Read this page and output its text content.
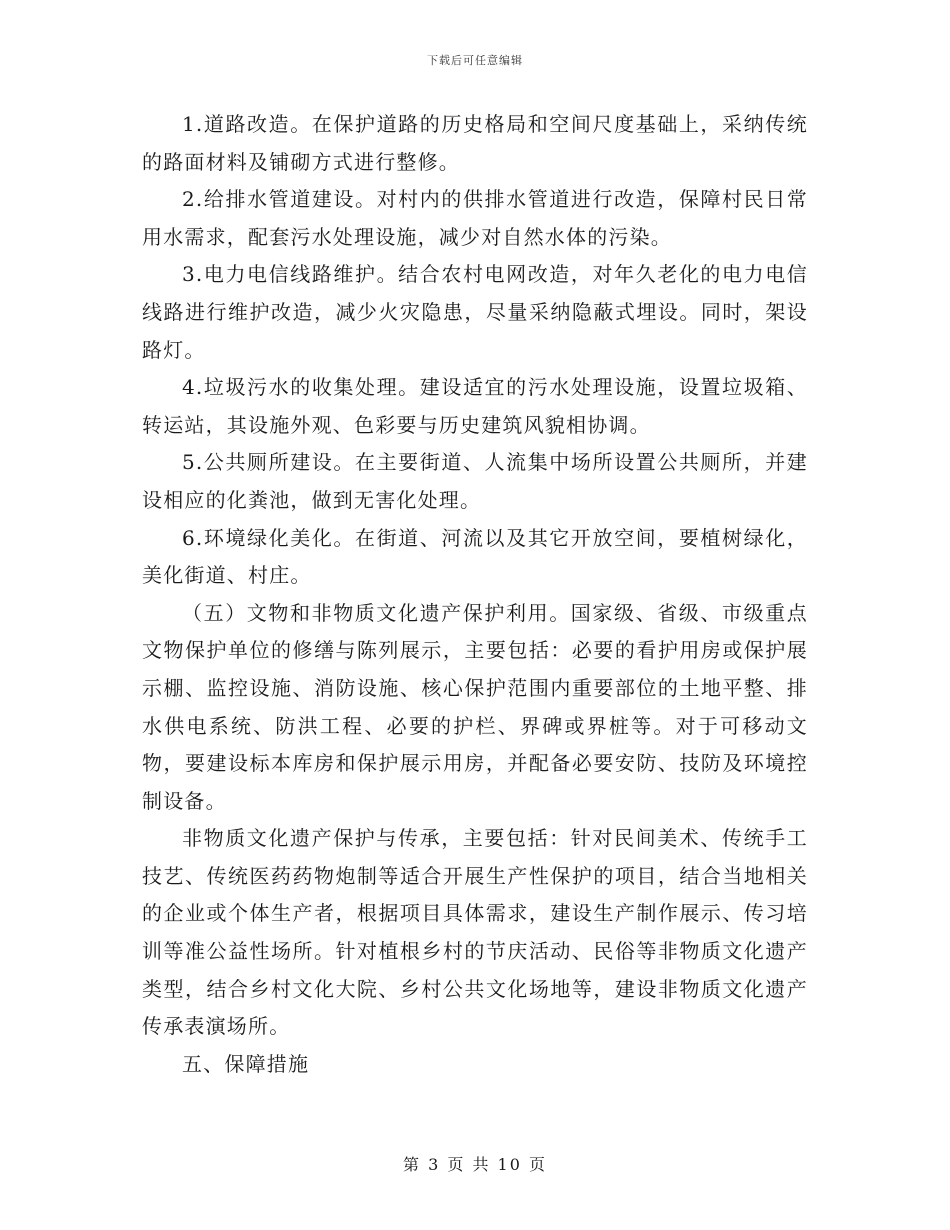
下载后可任意编辑

1.道路改造。在保护道路的历史格局和空间尺度基础上，采纳传统的路面材料及铺砌方式进行整修。

2.给排水管道建设。对村内的供排水管道进行改造，保障村民日常用水需求，配套污水处理设施，减少对自然水体的污染。

3.电力电信线路维护。结合农村电网改造，对年久老化的电力电信线路进行维护改造，减少火灾隐患，尽量采纳隐蔽式埋设。同时，架设路灯。

4.垃圾污水的收集处理。建设适宜的污水处理设施，设置垃圾箱、转运站，其设施外观、色彩要与历史建筑风貌相协调。

5.公共厕所建设。在主要街道、人流集中场所设置公共厕所，并建设相应的化粪池，做到无害化处理。

6.环境绿化美化。在街道、河流以及其它开放空间，要植树绿化，美化街道、村庄。

（五）文物和非物质文化遗产保护利用。国家级、省级、市级重点文物保护单位的修缮与陈列展示，主要包括：必要的看护用房或保护展示棚、监控设施、消防设施、核心保护范围内重要部位的土地平整、排水供电系统、防洪工程、必要的护栏、界碑或界桩等。对于可移动文物，要建设标本库房和保护展示用房，并配备必要安防、技防及环境控制设备。

非物质文化遗产保护与传承，主要包括：针对民间美术、传统手工技艺、传统医药药物炮制等适合开展生产性保护的项目，结合当地相关的企业或个体生产者，根据项目具体需求，建设生产制作展示、传习培训等准公益性场所。针对植根乡村的节庆活动、民俗等非物质文化遗产类型，结合乡村文化大院、乡村公共文化场地等，建设非物质文化遗产传承表演场所。

五、保障措施

第 3 页 共 10 页
